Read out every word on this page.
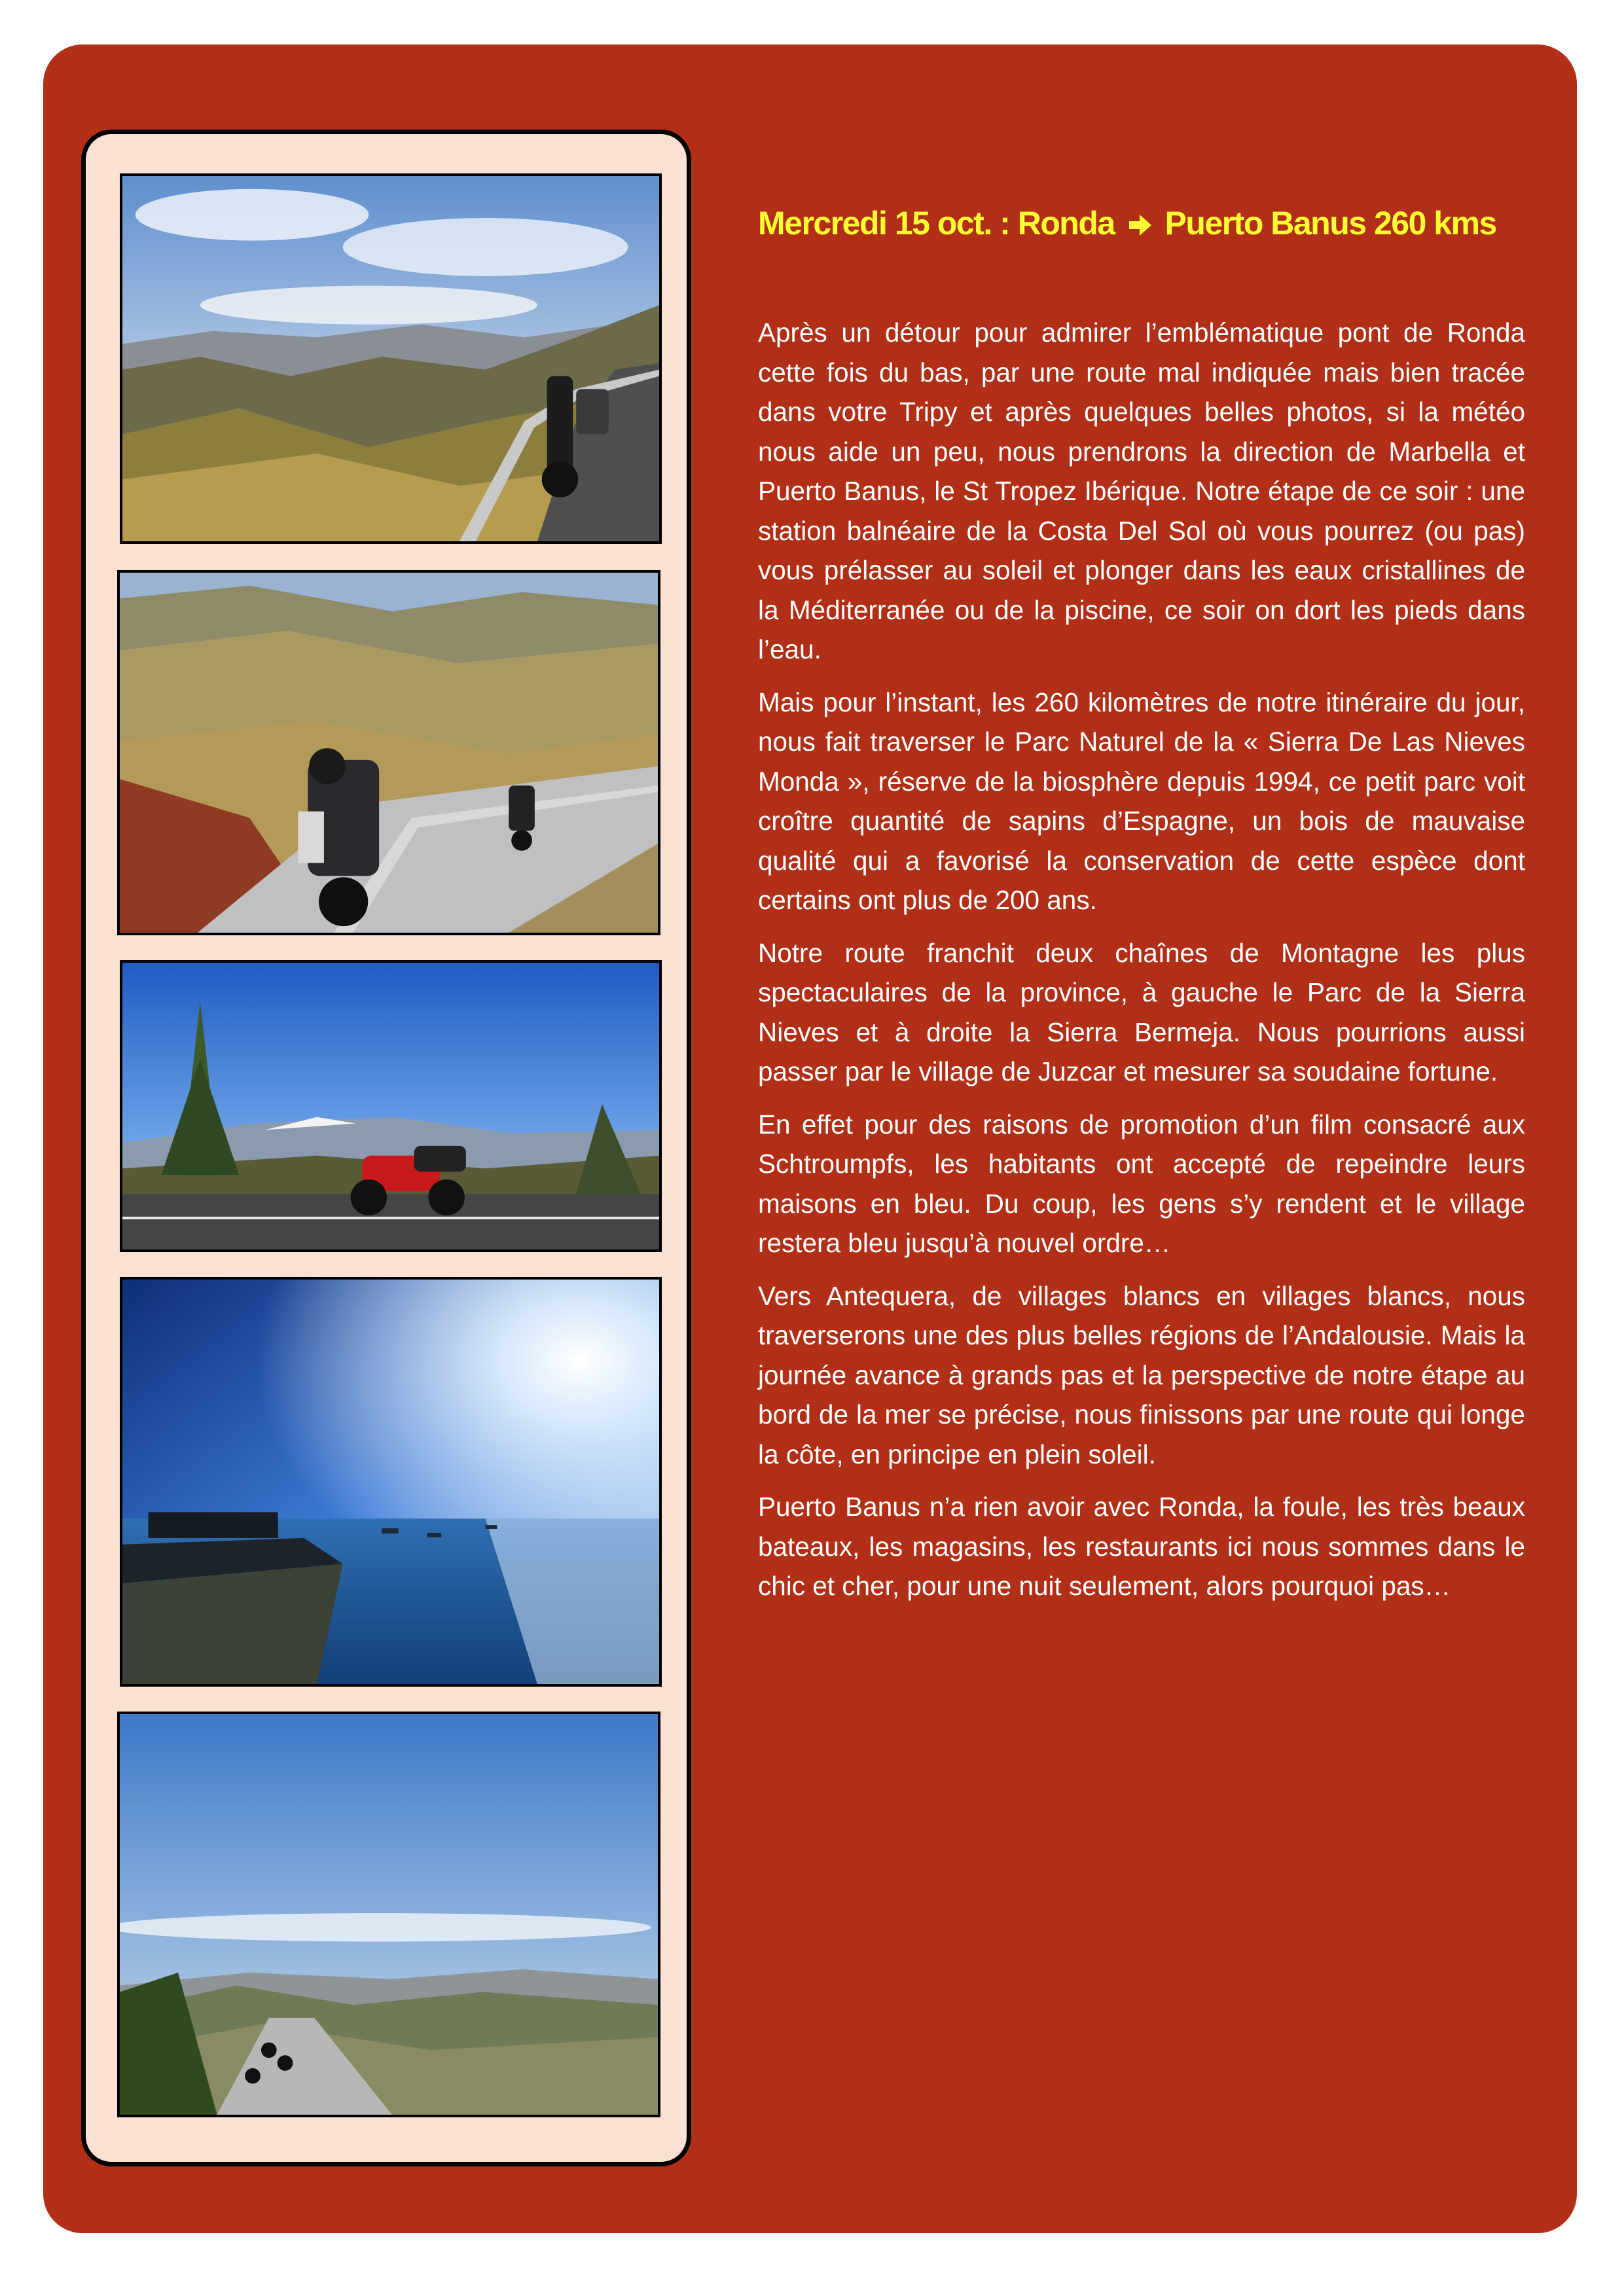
Mercredi 15 oct. : Ronda Puerto Banus 260 kms

Après un détour pour admirer l’emblématique pont de Ronda cette fois du bas, par une route mal indiquée mais bien tracée dans votre Tripy et après quelques belles photos, si la météo nous aide un peu, nous prendrons la direction de Marbella et Puerto Banus, le St Tropez Ibérique. Notre étape de ce soir : une station balnéaire de la Costa Del Sol où vous pourrez (ou pas) vous prélasser au soleil et plonger dans les eaux cristallines de la Méditerranée ou de la piscine, ce soir on dort les pieds dans l’eau.

Mais pour l’instant, les 260 kilomètres de notre itinéraire du jour, nous fait traverser le Parc Naturel de la « Sierra De Las Nieves Monda », réserve de la biosphère depuis 1994, ce petit parc voit croître quantité de sapins d’Espagne, un bois de mauvaise qualité qui a favorisé la conservation de cette espèce dont certains ont plus de 200 ans.

Notre route franchit deux chaînes de Montagne les plus spectaculaires de la province, à gauche le Parc de la Sierra Nieves et à droite la Sierra Bermeja. Nous pourrions aussi passer par le village de Juzcar et mesurer sa soudaine fortune.

En effet pour des raisons de promotion d’un film consacré aux Schtroumpfs, les habitants ont accepté de repeindre leurs maisons en bleu. Du coup, les gens s’y rendent et le village restera bleu jusqu’à nouvel ordre…

Vers Antequera, de villages blancs en villages blancs, nous traverserons une des plus belles régions de l’Andalousie. Mais la journée avance à grands pas et la perspective de notre étape au bord de la mer se précise, nous finissons par une route qui longe la côte, en principe en plein soleil.

Puerto Banus n’a rien avoir avec Ronda, la foule, les très beaux bateaux, les magasins, les restaurants ici nous sommes dans le chic et cher, pour une nuit seulement, alors pourquoi pas…
